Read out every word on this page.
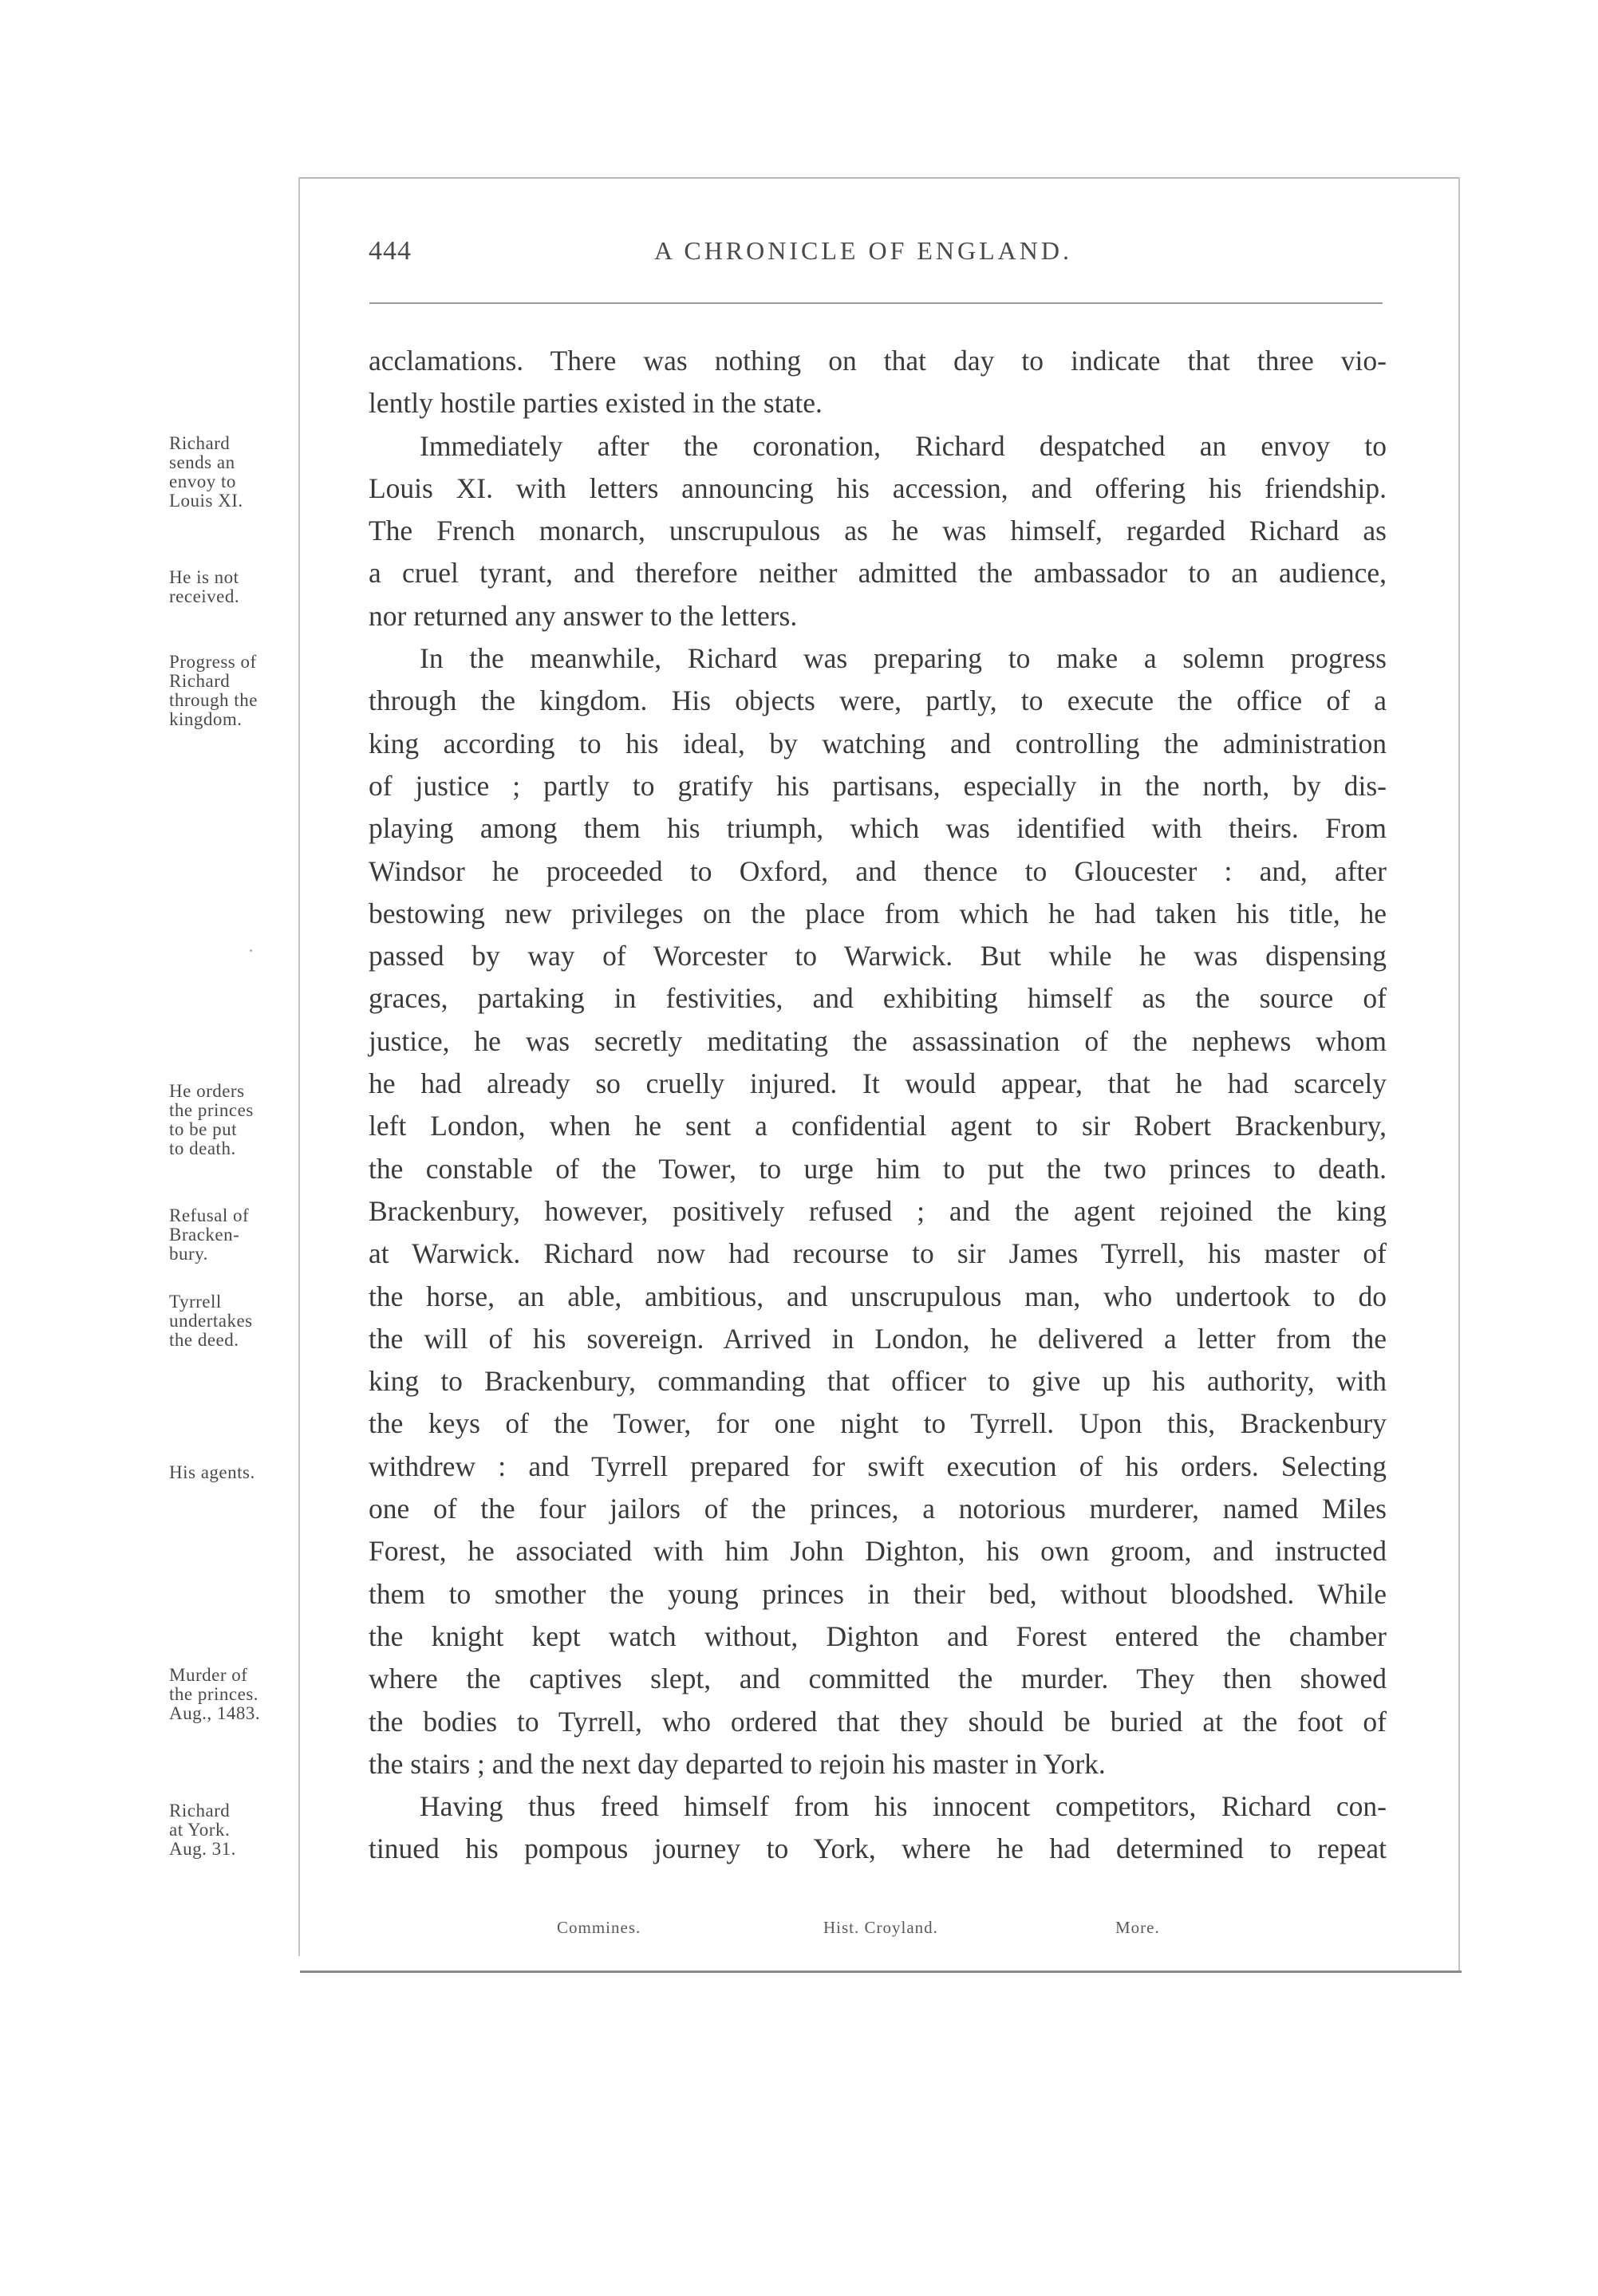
444	A CHRONICLE OF ENGLAND.
Richard
sends an
envoy to
Louis XI.
He is not
received.
Progress of
Richard
through the
kingdom.
He orders
the princes
to be put
to death.
Refusal of
Bracken-
bury.
Tyrrell
undertakes
the deed.
His agents.
Murder of
the princes.
Aug., 1483.
Richard
at York.
Aug. 31.
acclamations. There was nothing on that day to indicate that three vio-
lently hostile parties existed in the state.
Immediately after the coronation, Richard despatched an envoy to
Louis XI. with letters announcing his accession, and offering his friendship.
The French monarch, unscrupulous as he was himself, regarded Richard as
a cruel tyrant, and therefore neither admitted the ambassador to an audience,
nor returned any answer to the letters.
In the meanwhile, Richard was preparing to make a solemn progress
through the kingdom. His objects were, partly, to execute the office of a
king according to his ideal, by watching and controlling the administration
of justice ; partly to gratify his partisans, especially in the north, by dis-
playing among them his triumph, which was identified with theirs. From
Windsor he proceeded to Oxford, and thence to Gloucester : and, after
bestowing new privileges on the place from which he had taken his title, he
passed by way of Worcester to Warwick. But while he was dispensing
graces, partaking in festivities, and exhibiting himself as the source of
justice, he was secretly meditating the assassination of the nephews whom
he had already so cruelly injured. It would appear, that he had scarcely
left London, when he sent a confidential agent to sir Robert Brackenbury,
the constable of the Tower, to urge him to put the two princes to death.
Brackenbury, however, positively refused ; and the agent rejoined the king
at Warwick. Richard now had recourse to sir James Tyrrell, his master of
the horse, an able, ambitious, and unscrupulous man, who undertook to do
the will of his sovereign. Arrived in London, he delivered a letter from the
king to Brackenbury, commanding that officer to give up his authority, with
the keys of the Tower, for one night to Tyrrell. Upon this, Brackenbury
withdrew : and Tyrrell prepared for swift execution of his orders. Selecting
one of the four jailors of the princes, a notorious murderer, named Miles
Forest, he associated with him John Dighton, his own groom, and instructed
them to smother the young princes in their bed, without bloodshed. While
the knight kept watch without, Dighton and Forest entered the chamber
where the captives slept, and committed the murder. They then showed
the bodies to Tyrrell, who ordered that they should be buried at the foot of
the stairs ; and the next day departed to rejoin his master in York.
Having thus freed himself from his innocent competitors, Richard con-
tinued his pompous journey to York, where he had determined to repeat
Commines.	Hist. Croyland.	More.
